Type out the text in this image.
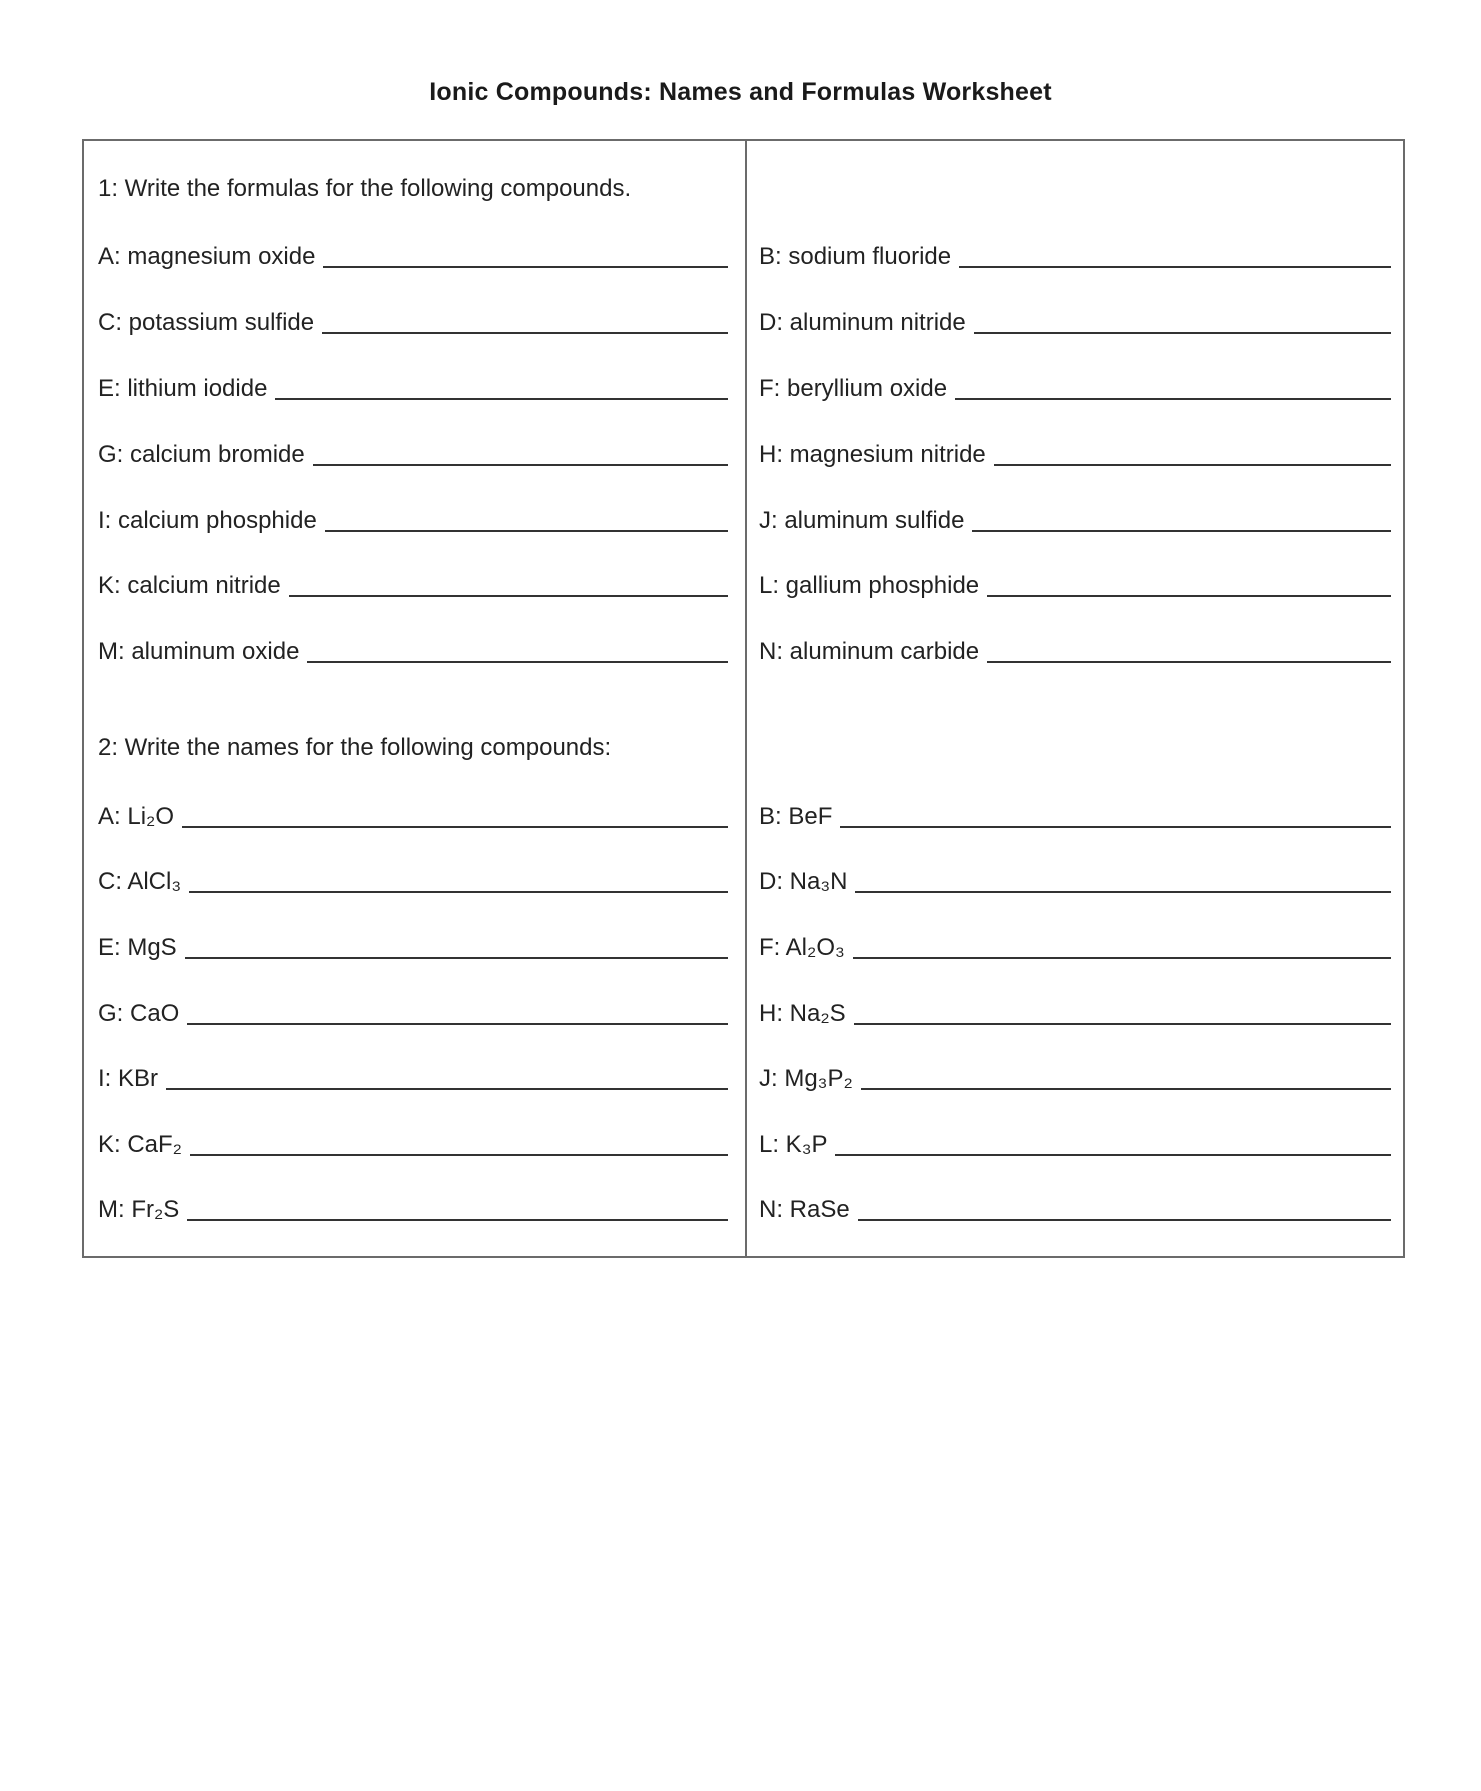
Ionic Compounds: Names and Formulas Worksheet
1: Write the formulas for the following compounds.
A: magnesium oxide	B: sodium fluoride
C: potassium sulfide	D: aluminum nitride
E: lithium iodide	F: beryllium oxide
G: calcium bromide	H: magnesium nitride
I: calcium phosphide	J: aluminum sulfide
K: calcium nitride	L: gallium phosphide
M: aluminum oxide	N: aluminum carbide
2: Write the names for the following compounds:
A: Li₂O	B: BeF
C: AlCl₃	D: Na₃N
E: MgS	F: Al₂O₃
G: CaO	H: Na₂S
I: KBr	J: Mg₃P₂
K: CaF₂	L: K₃P
M: Fr₂S	N: RaSe
